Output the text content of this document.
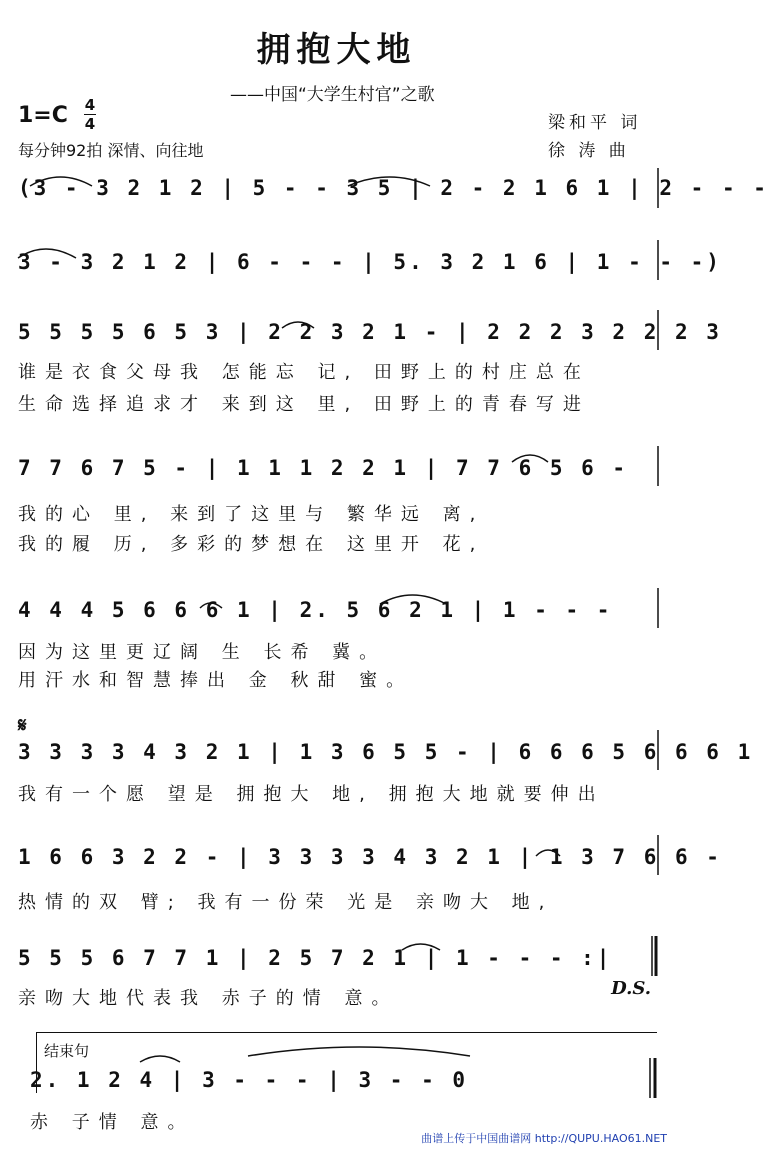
拥抱大地
——中国“大学生村官”之歌
1=C 4
4
每分钟92拍 深情、向往地
梁和平 词
徐 涛 曲
(3 - 3 2 1 2 | 5 - - 3 5 | 2 - 2 1 6 1 | 2 - - -
3 - 3 2 1 2 | 6 - - - | 5. 3 2 1 6 | 1 - - -)
5 5 5 5 6 5 3 | 2 2 3 2 1 - | 2 2 2 3 2 2 2 3
谁是衣食父母我 怎能忘 记, 田野上的村庄总在
生命选择追求才 来到这 里, 田野上的青春写进
7 7 6 7 5 - | 1 1 1 2 2 1 | 7 7 6 5 6 -
我的心 里, 来到了这里与 繁华远 离,
我的履 历, 多彩的梦想在 这里开 花,
4 4 4 5 6 6 6 1 | 2. 5 6 2 1 | 1 - - -
因为这里更辽阔 生 长希 冀。
用汗水和智慧捧出 金 秋甜 蜜。
𝄋
3 3 3 3 4 3 2 1 | 1 3 6 5 5 - | 6 6 6 5 6 6 6 1
我有一个愿 望是 拥抱大 地, 拥抱大地就要伸出
1 6 6 3 2 2 - | 3 3 3 3 4 3 2 1 | 1 3 7 6 6 -
热情的双 臂; 我有一份荣 光是 亲吻大 地,
5 5 5 6 7 7 1 | 2 5 7 2 1 | 1 - - - :|
亲吻大地代表我 赤子的情 意。	D.S.
结束句
2. 1 2 4 | 3 - - - | 3 - - 0
赤 子情 意。
曲谱上传于中国曲谱网 http://QUPU.HAO61.NET
